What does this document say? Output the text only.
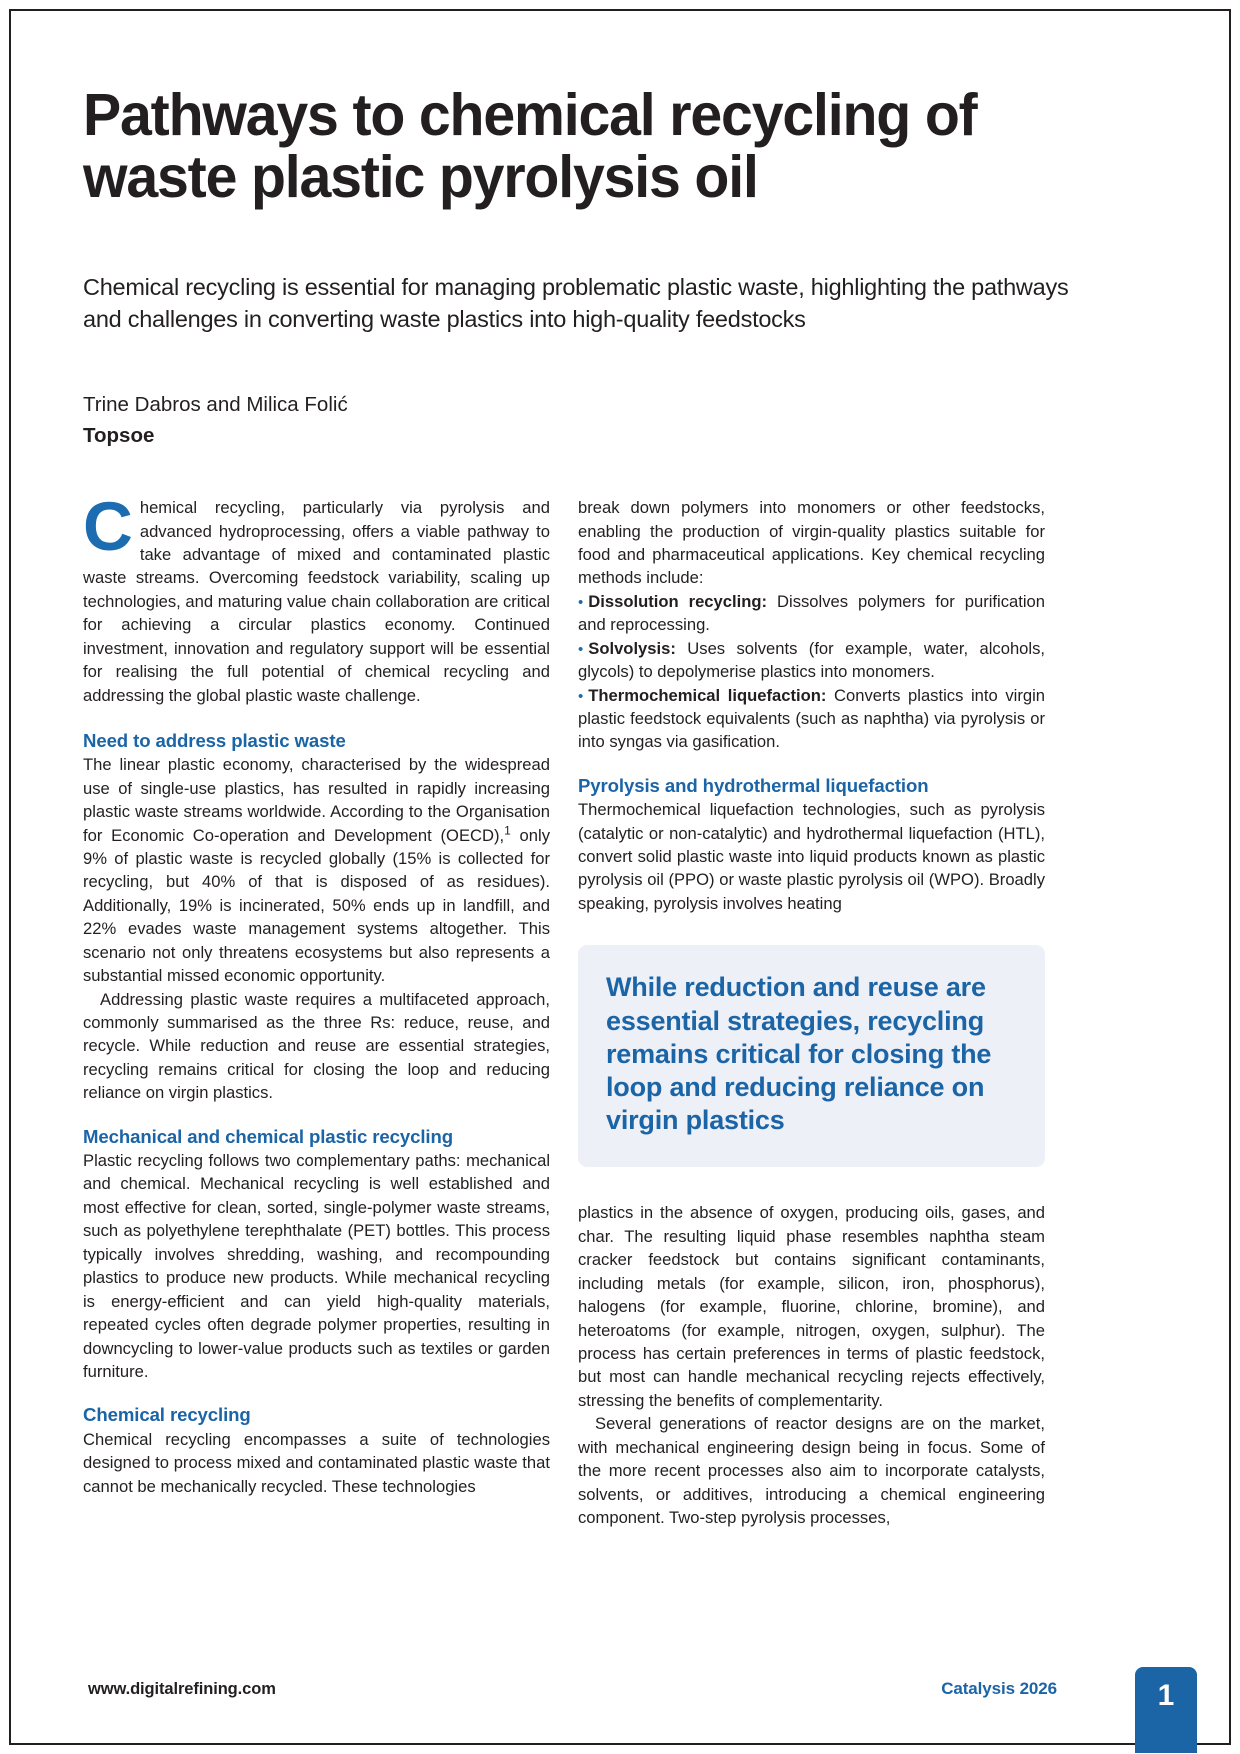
Pathways to chemical recycling of waste plastic pyrolysis oil
Chemical recycling is essential for managing problematic plastic waste, highlighting the pathways and challenges in converting waste plastics into high-quality feedstocks
Trine Dabros and Milica Folić
Topsoe

Chemical recycling, particularly via pyrolysis and advanced hydroprocessing, offers a viable pathway to take advantage of mixed and contaminated plastic waste streams. Overcoming feedstock variability, scaling up technologies, and maturing value chain collaboration are critical for achieving a circular plastics economy. Continued investment, innovation and regulatory support will be essential for realising the full potential of chemical recycling and addressing the global plastic waste challenge.

Need to address plastic waste

The linear plastic economy, characterised by the widespread use of single-use plastics, has resulted in rapidly increasing plastic waste streams worldwide. According to the Organisation for Economic Co-operation and Development (OECD),$^1$ only 9% of plastic waste is recycled globally (15% is collected for recycling, but 40% of that is disposed of as residues). Additionally, 19% is incinerated, 50% ends up in landfill, and 22% evades waste management systems altogether. This scenario not only threatens ecosystems but also represents a substantial missed economic opportunity.

Addressing plastic waste requires a multifaceted approach, commonly summarised as the three Rs: reduce, reuse, and recycle. While reduction and reuse are essential strategies, recycling remains critical for closing the loop and reducing reliance on virgin plastics.

Mechanical and chemical plastic recycling

Plastic recycling follows two complementary paths: mechanical and chemical. Mechanical recycling is well established and most effective for clean, sorted, single-polymer waste streams, such as polyethylene terephthalate (PET) bottles. This process typically involves shredding, washing, and recompounding plastics to produce new products. While mechanical recycling is energy-efficient and can yield high-quality materials, repeated cycles often degrade polymer properties, resulting in downcycling to lower-value products such as textiles or garden furniture.

Chemical recycling

Chemical recycling encompasses a suite of technologies designed to process mixed and contaminated plastic waste that cannot be mechanically recycled. These technologies

break down polymers into monomers or other feedstocks, enabling the production of virgin-quality plastics suitable for food and pharmaceutical applications. Key chemical recycling methods include:

• Dissolution recycling: Dissolves polymers for purification and reprocessing.

• Solvolysis: Uses solvents (for example, water, alcohols, glycols) to depolymerise plastics into monomers.

• Thermochemical liquefaction: Converts plastics into virgin plastic feedstock equivalents (such as naphtha) via pyrolysis or into syngas via gasification.

Pyrolysis and hydrothermal liquefaction

Thermochemical liquefaction technologies, such as pyrolysis (catalytic or non-catalytic) and hydrothermal liquefaction (HTL), convert solid plastic waste into liquid products known as plastic pyrolysis oil (PPO) or waste plastic pyrolysis oil (WPO). Broadly speaking, pyrolysis involves heating

While reduction and reuse are essential strategies, recycling remains critical for closing the loop and reducing reliance on virgin plastics

plastics in the absence of oxygen, producing oils, gases, and char. The resulting liquid phase resembles naphtha steam cracker feedstock but contains significant contaminants, including metals (for example, silicon, iron, phosphorus), halogens (for example, fluorine, chlorine, bromine), and heteroatoms (for example, nitrogen, oxygen, sulphur). The process has certain preferences in terms of plastic feedstock, but most can handle mechanical recycling rejects effectively, stressing the benefits of complementarity.

Several generations of reactor designs are on the market, with mechanical engineering design being in focus. Some of the more recent processes also aim to incorporate catalysts, solvents, or additives, introducing a chemical engineering component. Two-step pyrolysis processes,

www.digitalrefining.com	Catalysis 2026	1
